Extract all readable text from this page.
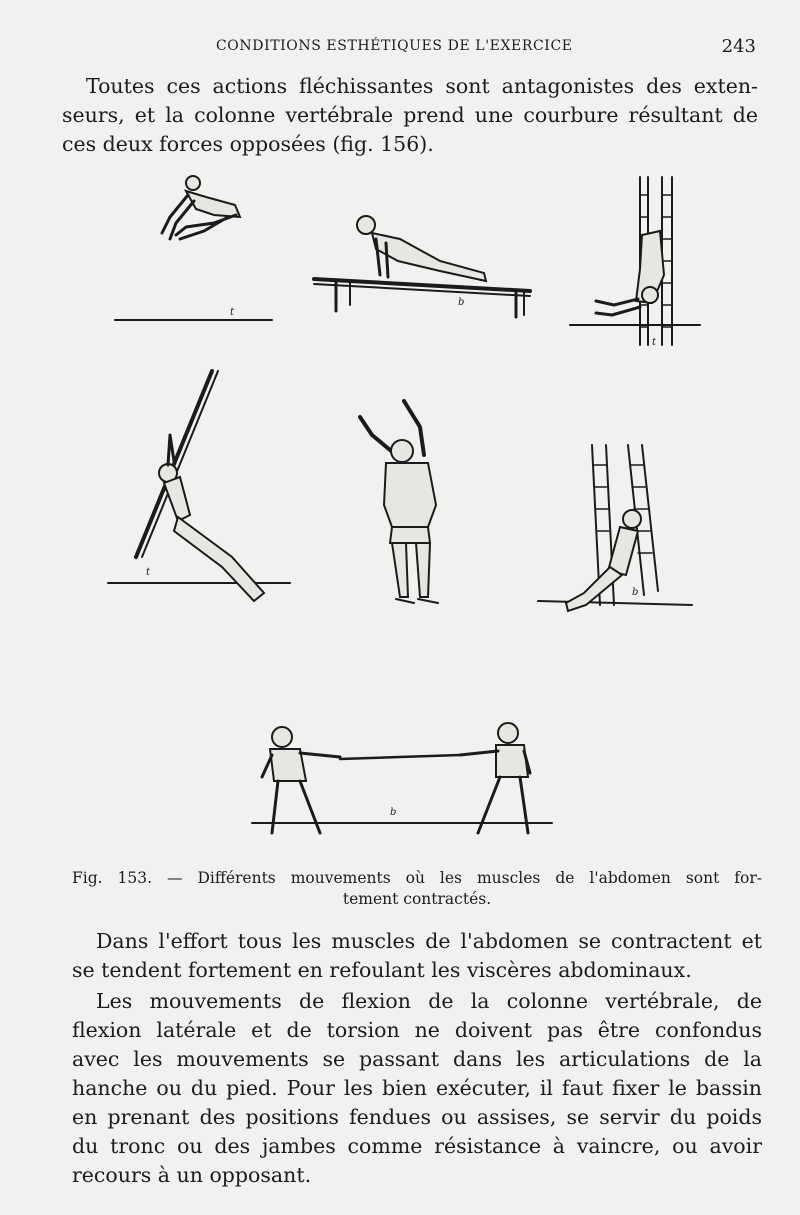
CONDITIONS ESTHÉTIQUES DE L'EXERCICE	243

Toutes ces actions fléchissantes sont antagonistes des exten-
seurs, et la colonne vertébrale prend une courbure résultant de
ces deux forces opposées (fig. 156).

t
b
t
t
b
b
Fig. 153. — Différents mouvements où les muscles de l'abdomen sont for-
tement contractés.

Dans l'effort tous les muscles de l'abdomen se contractent et
se tendent fortement en refoulant les viscères abdominaux.

Les mouvements de flexion de la colonne vertébrale, de
flexion latérale et de torsion ne doivent pas être confondus
avec les mouvements se passant dans les articulations de la
hanche ou du pied. Pour les bien exécuter, il faut fixer le bassin
en prenant des positions fendues ou assises, se servir du poids
du tronc ou des jambes comme résistance à vaincre, ou avoir
recours à un opposant.
